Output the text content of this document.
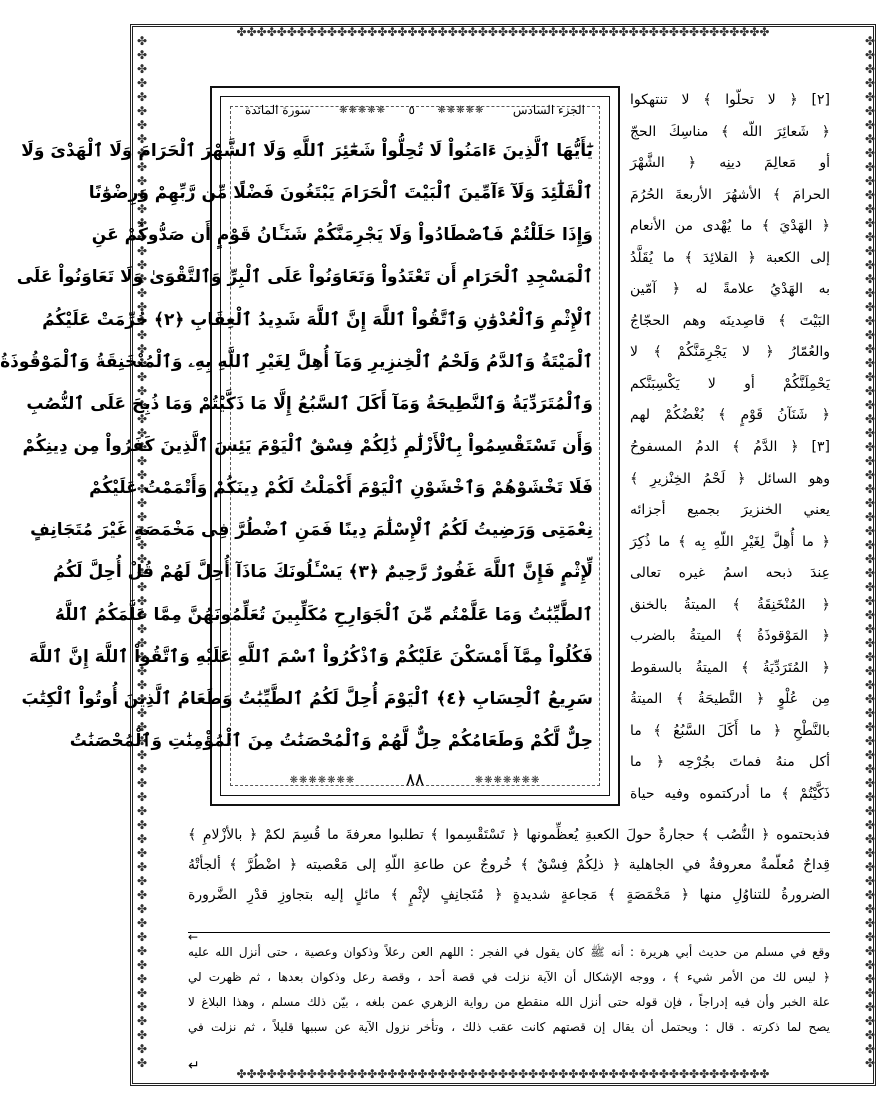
✤✤✤✤✤✤✤✤✤✤✤✤✤✤✤✤✤✤✤✤✤✤✤✤✤✤✤✤✤✤✤✤✤✤✤✤✤✤✤✤✤✤✤✤✤✤✤✤✤✤✤✤✤
✤✤✤✤✤✤✤✤✤✤✤✤✤✤✤✤✤✤✤✤✤✤✤✤✤✤✤✤✤✤✤✤✤✤✤✤✤✤✤✤✤✤✤✤✤✤✤✤✤✤✤✤✤
✤✤✤✤✤✤✤✤✤✤✤✤✤✤✤✤✤✤✤✤✤✤✤✤✤✤✤✤✤✤✤✤✤✤✤✤✤✤✤✤✤✤✤✤✤✤✤✤✤✤✤✤✤✤✤✤✤✤✤✤✤✤✤✤✤✤✤✤✤✤✤✤✤✤	✤✤✤✤✤✤✤✤✤✤✤✤✤✤✤✤✤✤✤✤✤✤✤✤✤✤✤✤✤✤✤✤✤✤✤✤✤✤✤✤✤✤✤✤✤✤✤✤✤✤✤✤✤✤✤✤✤✤✤✤✤✤✤✤✤✤✤✤✤✤✤✤✤✤
الجزء السادس
❋❋❋❋❋
٥
❋❋❋❋❋
سورة المائدة
يَٰٓأَيُّهَا ٱلَّذِينَ ءَامَنُواْ لَا تُحِلُّواْ شَعَٰٓئِرَ ٱللَّهِ وَلَا ٱلشَّهْرَ ٱلْحَرَامَ وَلَا ٱلْهَدْىَ وَلَا
ٱلْقَلَٰٓئِدَ وَلَآ ءَآمِّينَ ٱلْبَيْتَ ٱلْحَرَامَ يَبْتَغُونَ فَضْلًا مِّن رَّبِّهِمْ وَرِضْوَٰنًا
وَإِذَا حَلَلْتُمْ فَٱصْطَادُواْ وَلَا يَجْرِمَنَّكُمْ شَنَـَٔانُ قَوْمٍ أَن صَدُّوكُمْ عَنِ
ٱلْمَسْجِدِ ٱلْحَرَامِ أَن تَعْتَدُواْ وَتَعَاوَنُواْ عَلَى ٱلْبِرِّ وَٱلتَّقْوَىٰ وَلَا تَعَاوَنُواْ عَلَى
ٱلْإِثْمِ وَٱلْعُدْوَٰنِ وَٱتَّقُواْ ٱللَّهَ إِنَّ ٱللَّهَ شَدِيدُ ٱلْعِقَابِ ﴿٢﴾ حُرِّمَتْ عَلَيْكُمُ
ٱلْمَيْتَةُ وَٱلدَّمُ وَلَحْمُ ٱلْخِنزِيرِ وَمَآ أُهِلَّ لِغَيْرِ ٱللَّهِ بِهِۦ وَٱلْمُنْخَنِقَةُ وَٱلْمَوْقُوذَةُ
وَٱلْمُتَرَدِّيَةُ وَٱلنَّطِيحَةُ وَمَآ أَكَلَ ٱلسَّبُعُ إِلَّا مَا ذَكَّيْتُمْ وَمَا ذُبِحَ عَلَى ٱلنُّصُبِ
وَأَن تَسْتَقْسِمُواْ بِٱلْأَزْلَٰمِ ذَٰلِكُمْ فِسْقٌ ٱلْيَوْمَ يَئِسَ ٱلَّذِينَ كَفَرُواْ مِن دِينِكُمْ
فَلَا تَخْشَوْهُمْ وَٱخْشَوْنِ ٱلْيَوْمَ أَكْمَلْتُ لَكُمْ دِينَكُمْ وَأَتْمَمْتُ عَلَيْكُمْ
نِعْمَتِى وَرَضِيتُ لَكُمُ ٱلْإِسْلَٰمَ دِينًا فَمَنِ ٱضْطُرَّ فِى مَخْمَصَةٍ غَيْرَ مُتَجَانِفٍ
لِّإِثْمٍ فَإِنَّ ٱللَّهَ غَفُورٌ رَّحِيمٌ ﴿٣﴾ يَسْـَٔلُونَكَ مَاذَآ أُحِلَّ لَهُمْ قُلْ أُحِلَّ لَكُمُ
ٱلطَّيِّبَٰتُ وَمَا عَلَّمْتُم مِّنَ ٱلْجَوَارِحِ مُكَلِّبِينَ تُعَلِّمُونَهُنَّ مِمَّا عَلَّمَكُمُ ٱللَّهُ
فَكُلُواْ مِمَّآ أَمْسَكْنَ عَلَيْكُمْ وَٱذْكُرُواْ ٱسْمَ ٱللَّهِ عَلَيْهِ وَٱتَّقُواْ ٱللَّهَ إِنَّ ٱللَّهَ
سَرِيعُ ٱلْحِسَابِ ﴿٤﴾ ٱلْيَوْمَ أُحِلَّ لَكُمُ ٱلطَّيِّبَٰتُ وَطَعَامُ ٱلَّذِينَ أُوتُواْ ٱلْكِتَٰبَ
حِلٌّ لَّكُمْ وَطَعَامُكُمْ حِلٌّ لَّهُمْ وَٱلْمُحْصَنَٰتُ مِنَ ٱلْمُؤْمِنَٰتِ وَٱلْمُحْصَنَٰتُ
❋❋❋❋❋❋❋
٨٨
❋❋❋❋❋❋❋
[٢] ﴿ لا تحلّوا ﴾ لا تنتهكوا
﴿ شَعائِرَ اللّه ﴾ مناسِكَ الحجّ
أو مَعالِمَ دينِه ﴿ الشَّهْرَ
الحرامَ ﴾ الأشهُرَ الأربعةَ الحُرُمَ
﴿ الهَدْيَ ﴾ ما يُهْدى من الأنعام
إلى الكعبة ﴿ القلائِدَ ﴾ ما يُقَلَّدُ
به الهَدْيُ علامةً له ﴿ آمّين
البَيْتَ ﴾ قاصِدينَه وهم الحجّاجُ
والعُمّارُ ﴿ لا يَجْرِمَنَّكُمْ ﴾ لا
يَحْمِلَنَّكُمْ أو لا يَكْسِبَنَّكم
﴿ شَنَآنُ قَوْمٍ ﴾ بُغْضُكُمْ لهم
[٣] ﴿ الدَّمُ ﴾ الدمُ المسفوحُ
وهو السائل ﴿ لَحْمُ الخِنْزيرِ ﴾
يعني الخنزيرَ بجميع أجزائه
﴿ ما أُهِلَّ لِغَيْرِ اللّهِ بِه ﴾ ما ذُكِرَ
عِندَ ذبحه اسمُ غيره تعالى
﴿ المُنْخَنِقَةُ ﴾ الميتةُ بالخنق
﴿ المَوْقوذَةُ ﴾ الميتةُ بالضرب
﴿ المُتَرَدِّيَةُ ﴾ الميتةُ بالسقوط
مِن عُلْوٍ ﴿ النَّطيحَةُ ﴾ الميتةُ
بالنَّطْحِ ﴿ ما أَكَلَ السَّبُعُ ﴾ ما
أكل منهُ فماتَ بجُرْحِه ﴿ ما
ذَكَّيْتُمْ ﴾ ما أدركتموه وفيه حياة
فذبحتموه ﴿ النُّصُب ﴾ حجارةٌ حولَ الكعبةِ يُعظِّمونها ﴿ تَسْتَقْسِموا ﴾ تطلبوا معرفةَ ما قُسِمَ لكمْ ﴿ بالأزْلامِ ﴾
قِداحٌ مُعلّمةٌ معروفةٌ في الجاهلية ﴿ ذلِكُمْ فِسْقٌ ﴾ خُروجٌ عن طاعةِ اللّهِ إلى مَعْصيته ﴿ اضْطُرَّ ﴾ ألجأتْهُ
الضرورةُ للتناوُلِ منها ﴿ مَخْمَصَةٍ ﴾ مَجاعةٍ شديدةٍ ﴿ مُتَجانِفٍ لإثْمٍ ﴾ مائلٍ إليه بتجاوزِ قدْرِ الضَّرورة
←
وقع في مسلم من حديث أبي هريرة : أنه ﷺ كان يقول في الفجر : اللهم العن رعلاً وذكوان وعصية ، حتى أنزل الله عليه
﴿ ليس لك من الأمر شيء ﴾ ، ووجه الإشكال أن الآية نزلت في قصة أحد ، وقصة رعل وذكوان بعدها ، ثم ظهرت لي
علة الخبر وأن فيه إدراجاً ، فإن قوله حتى أنزل الله منقطع من رواية الزهري عمن بلغه ، بيّن ذلك مسلم ، وهذا البلاغ لا
يصح لما ذكرته . قال : ويحتمل أن يقال إن قصتهم كانت عقب ذلك ، وتأخر نزول الآية عن سببها قليلاً ، ثم نزلت في
↵
